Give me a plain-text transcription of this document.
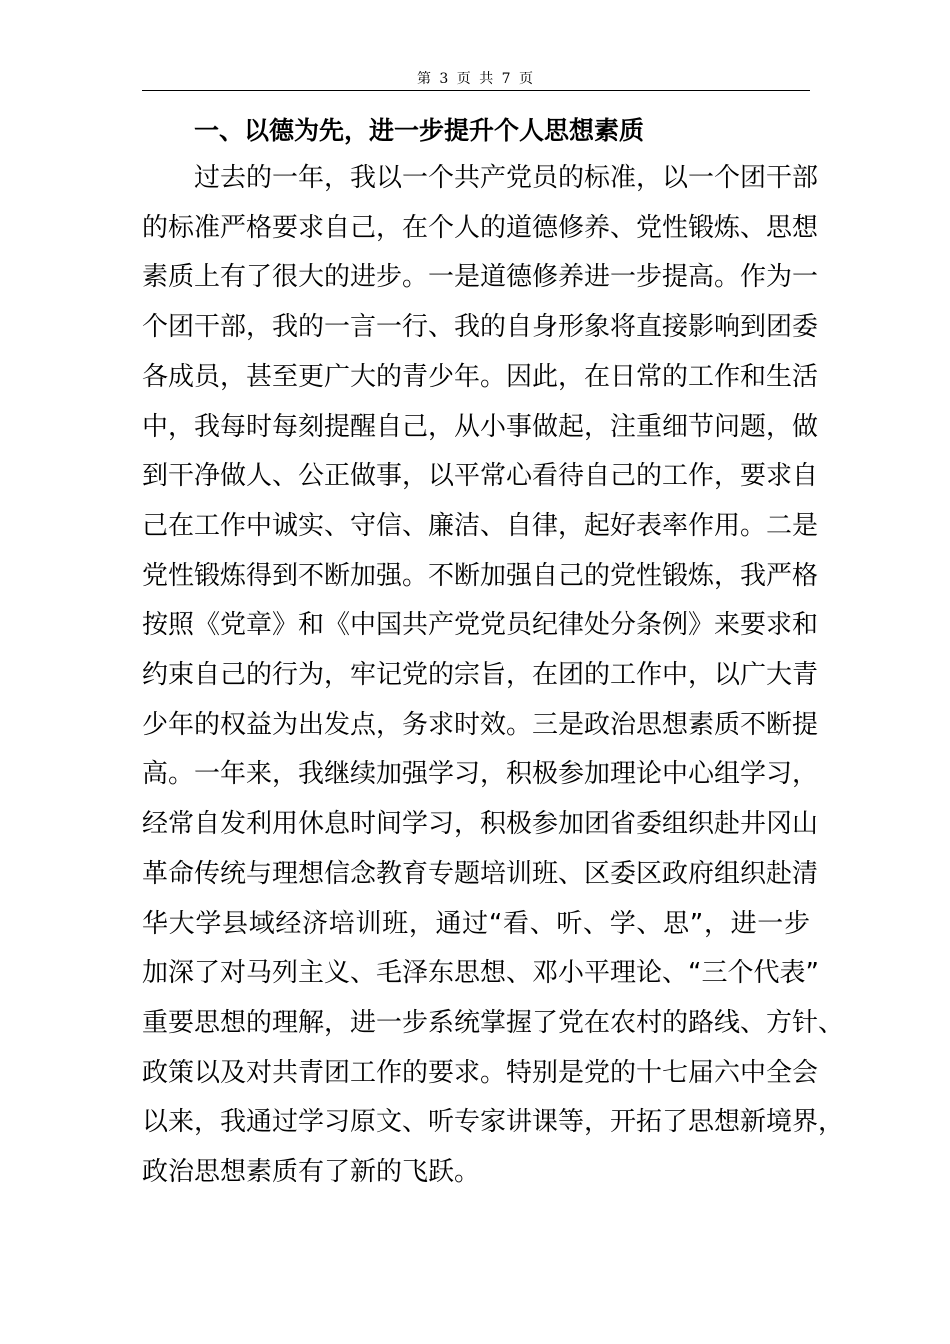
第 3 页 共 7 页
一、以德为先，进一步提升个人思想素质

过去的一年，我以一个共产党员的标准，以一个团干部
的标准严格要求自己，在个人的道德修养、党性锻炼、思想
素质上有了很大的进步。一是道德修养进一步提高。作为一
个团干部，我的一言一行、我的自身形象将直接影响到团委
各成员，甚至更广大的青少年。因此，在日常的工作和生活
中，我每时每刻提醒自己，从小事做起，注重细节问题，做
到干净做人、公正做事，以平常心看待自己的工作，要求自
己在工作中诚实、守信、廉洁、自律，起好表率作用。二是
党性锻炼得到不断加强。不断加强自己的党性锻炼，我严格
按照《党章》和《中国共产党党员纪律处分条例》来要求和
约束自己的行为，牢记党的宗旨，在团的工作中，以广大青
少年的权益为出发点，务求时效。三是政治思想素质不断提
高。一年来，我继续加强学习，积极参加理论中心组学习，
经常自发利用休息时间学习，积极参加团省委组织赴井冈山
革命传统与理想信念教育专题培训班、区委区政府组织赴清
华大学县域经济培训班，通过“看、听、学、思”，进一步
加深了对马列主义、毛泽东思想、邓小平理论、“三个代表”
重要思想的理解，进一步系统掌握了党在农村的路线、方针、
政策以及对共青团工作的要求。特别是党的十七届六中全会
以来，我通过学习原文、听专家讲课等，开拓了思想新境界，
政治思想素质有了新的飞跃。
